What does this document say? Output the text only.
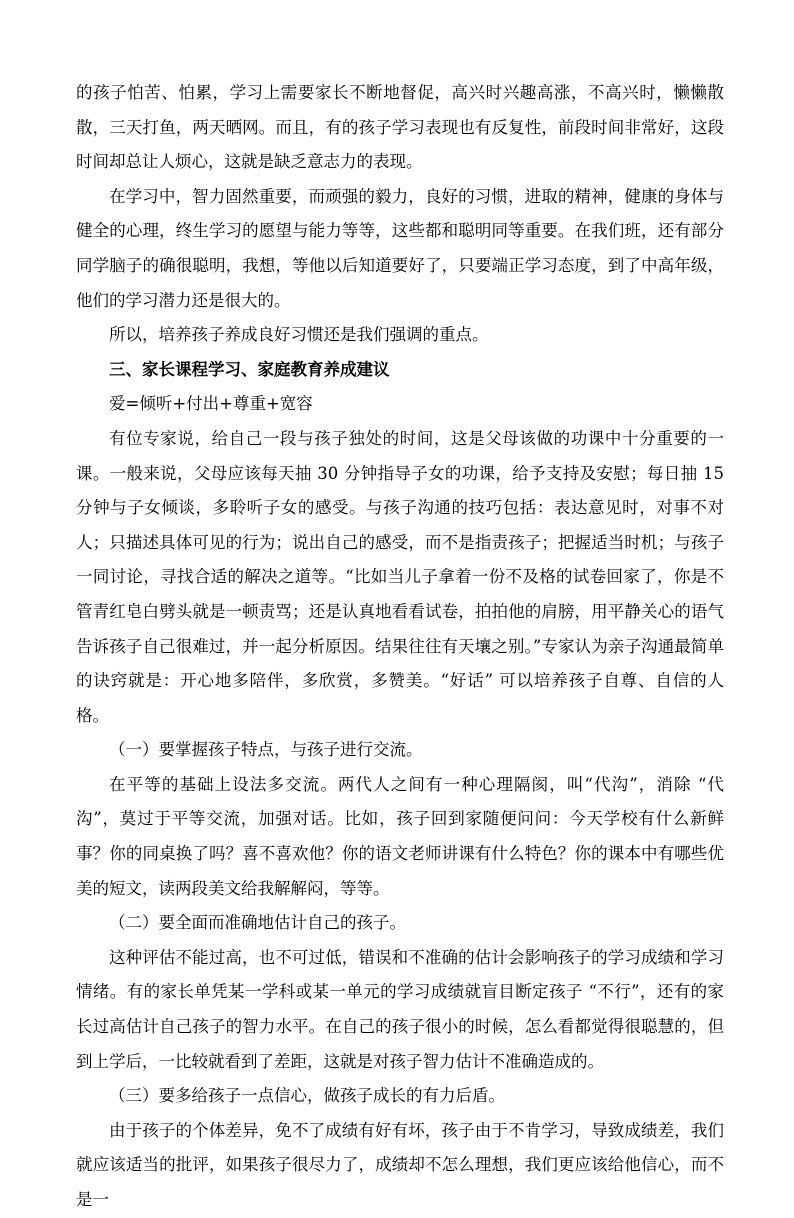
的孩子怕苦、怕累，学习上需要家长不断地督促，高兴时兴趣高涨，不高兴时，懒懒散散，三天打鱼，两天晒网。而且，有的孩子学习表现也有反复性，前段时间非常好，这段时间却总让人烦心，这就是缺乏意志力的表现。

在学习中，智力固然重要，而顽强的毅力，良好的习惯，进取的精神，健康的身体与健全的心理，终生学习的愿望与能力等等，这些都和聪明同等重要。在我们班，还有部分同学脑子的确很聪明，我想，等他以后知道要好了，只要端正学习态度，到了中高年级，他们的学习潜力还是很大的。

所以，培养孩子养成良好习惯还是我们强调的重点。

三、家长课程学习、家庭教育养成建议

爱=倾听+付出+尊重+宽容

有位专家说，给自己一段与孩子独处的时间，这是父母该做的功课中十分重要的一课。一般来说，父母应该每天抽 30 分钟指导子女的功课，给予支持及安慰；每日抽 15 分钟与子女倾谈，多聆听子女的感受。与孩子沟通的技巧包括：表达意见时，对事不对人；只描述具体可见的行为；说出自己的感受，而不是指责孩子；把握适当时机；与孩子一同讨论，寻找合适的解决之道等。“比如当儿子拿着一份不及格的试卷回家了，你是不管青红皂白劈头就是一顿责骂；还是认真地看看试卷，拍拍他的肩膀，用平静关心的语气告诉孩子自己很难过，并一起分析原因。结果往往有天壤之别。”专家认为亲子沟通最简单的诀窍就是：开心地多陪伴，多欣赏，多赞美。“好话” 可以培养孩子自尊、自信的人格。

（一）要掌握孩子特点，与孩子进行交流。

在平等的基础上设法多交流。两代人之间有一种心理隔阂，叫“代沟”，消除 “代沟”，莫过于平等交流，加强对话。比如，孩子回到家随便问问：今天学校有什么新鲜事？你的同桌换了吗？喜不喜欢他？你的语文老师讲课有什么特色？你的课本中有哪些优美的短文，读两段美文给我解解闷，等等。

（二）要全面而准确地估计自己的孩子。

这种评估不能过高，也不可过低，错误和不准确的估计会影响孩子的学习成绩和学习情绪。有的家长单凭某一学科或某一单元的学习成绩就盲目断定孩子 “不行”，还有的家长过高估计自己孩子的智力水平。在自己的孩子很小的时候，怎么看都觉得很聪慧的，但到上学后，一比较就看到了差距，这就是对孩子智力估计不准确造成的。

（三）要多给孩子一点信心，做孩子成长的有力后盾。

由于孩子的个体差异，免不了成绩有好有坏，孩子由于不肯学习，导致成绩差，我们就应该适当的批评，如果孩子很尽力了，成绩却不怎么理想，我们更应该给他信心，而不是一
